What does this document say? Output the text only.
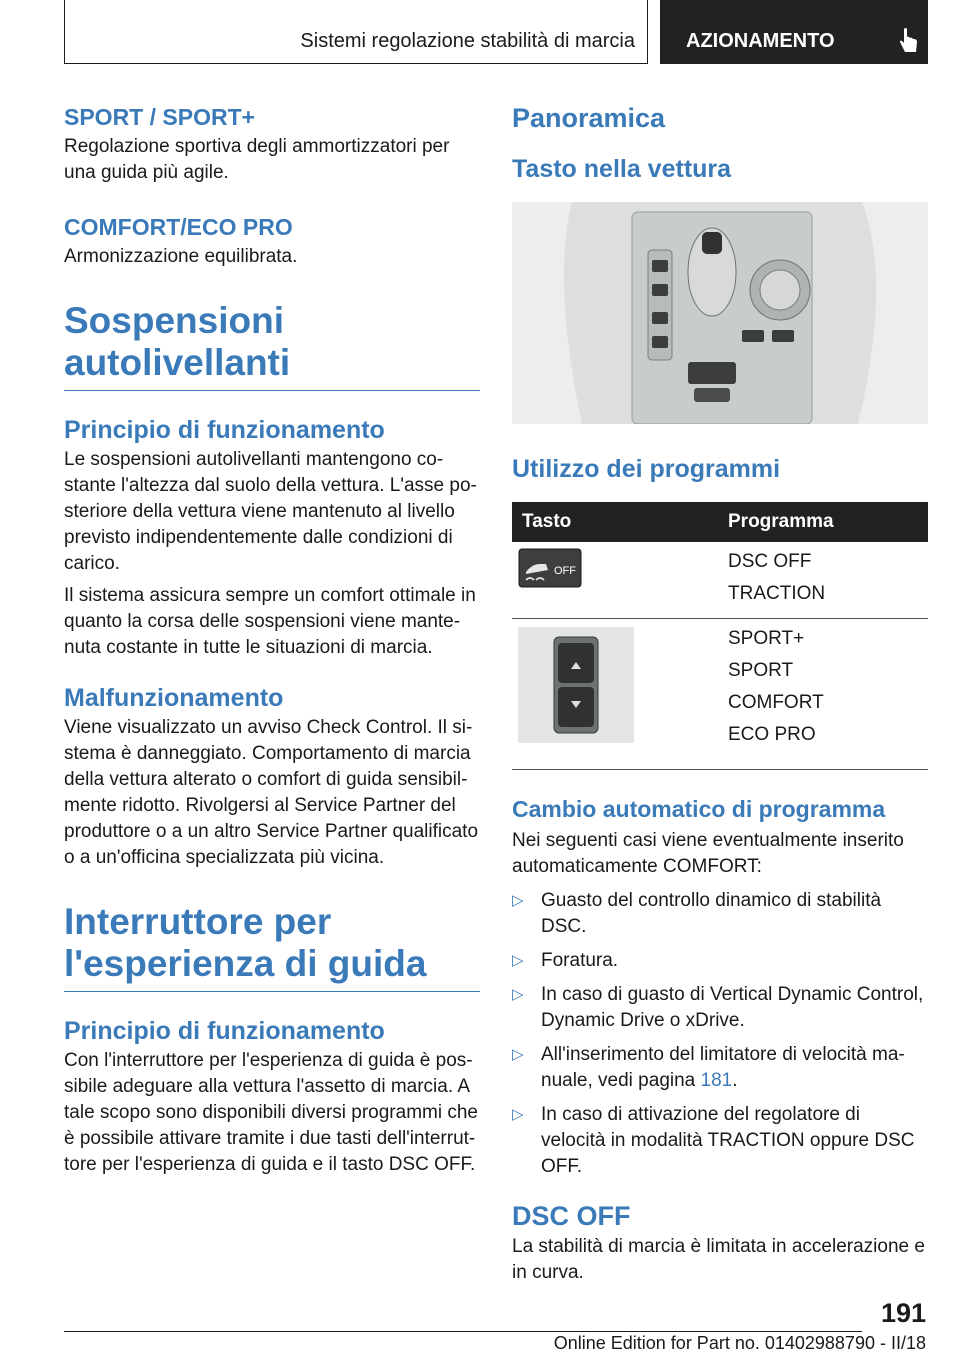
Sistemi regolazione stabilità di marcia	AZIONAMENTO
SPORT / SPORT+

Regolazione sportiva degli ammortizzatori per una guida più agile.

COMFORT/ECO PRO

Armonizzazione equilibrata.

Sospensioni autolivellanti
Principio di funzionamento

Le sospensioni autolivellanti mantengono co-stante l'altezza dal suolo della vettura. L'asse po-steriore della vettura viene mantenuto al livello previsto indipendentemente dalle condizioni di carico.

Il sistema assicura sempre un comfort ottimale in quanto la corsa delle sospensioni viene mante-nuta costante in tutte le situazioni di marcia.

Malfunzionamento

Viene visualizzato un avviso Check Control. Il si-stema è danneggiato. Comportamento di marcia della vettura alterato o comfort di guida sensibil-mente ridotto. Rivolgersi al Service Partner del produttore o a un altro Service Partner qualificato o a un'officina specializzata più vicina.

Interruttore per
l'esperienza di guida
Principio di funzionamento

Con l'interruttore per l'esperienza di guida è pos-sibile adeguare alla vettura l'assetto di marcia. A tale scopo sono disponibili diversi programmi che è possibile attivare tramite i due tasti dell'interrut-tore per l'esperienza di guida e il tasto DSC OFF.

Panoramica
Tasto nella vettura
Utilizzo dei programmi
Tasto	Programma

OFF	DSC OFF
TRACTION

SPORT+
SPORT
COMFORT
ECO PRO
Cambio automatico di programma

Nei seguenti casi viene eventualmente inserito automaticamente COMFORT:

▷ Guasto del controllo dinamico di stabilità DSC.
▷ Foratura.
▷ In caso di guasto di Vertical Dynamic Control, Dynamic Drive o xDrive.
▷ All'inserimento del limitatore di velocità ma-nuale, vedi pagina 181.
▷ In caso di attivazione del regolatore di velocità in modalità TRACTION oppure DSC OFF.
DSC OFF

La stabilità di marcia è limitata in accelerazione e in curva.

191
Online Edition for Part no. 01402988790 - II/18
